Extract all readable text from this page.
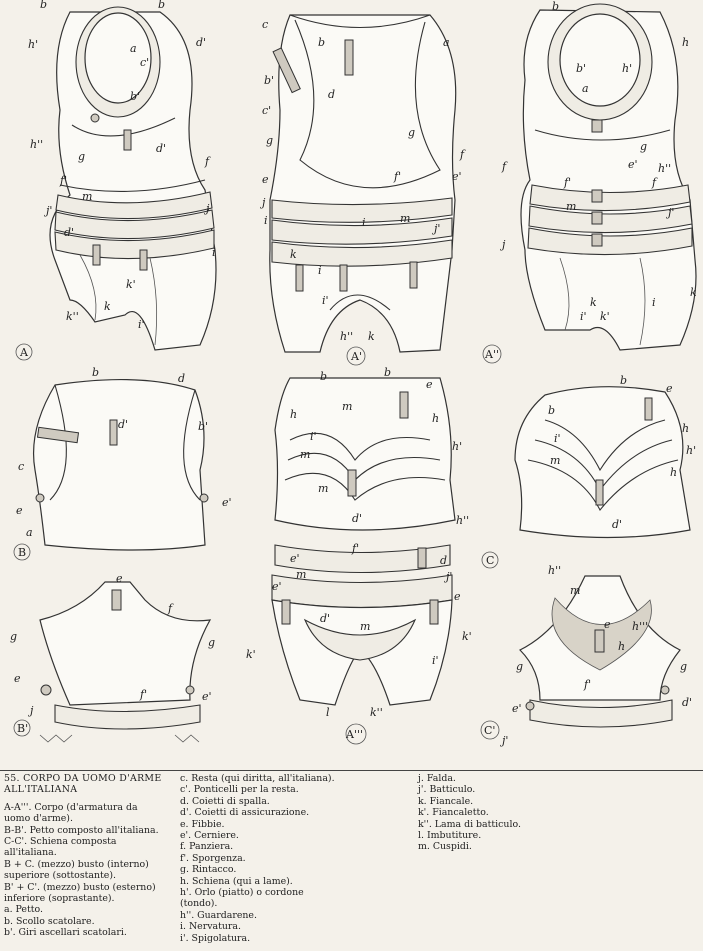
b	b
h'	a
c'
d'
b'
h''
g
d'
f
f'
m
j'	j
d'
i
k'
k
k''
i'
A
c
b	a
b'
d
c'
g
g
f
e	f'	e'
j
i	i	m
j'
k
i
i'
h'' k
A'
b
h
b'	h'
a
g
e' h''
f
f'	f
m	j'
j
k
i' k'
i
k
A''
b	d
d'	b'
c
e
e'
a
B
b	b
e
m
h	h
i'
h'
m
m
d'	h''
f'
e'	d
m	j'
e'
e
d'
m
k'
k'	i'
l	k''
A'''
b
e
b
i'
h
h'
m
h
d'
h''
C
e
f
g	g
e
f'	e'
j
B'
m
e h'''
h
g	g
f'
d'
e'
j'
C'
55. CORPO DA UOMO D'ARME
ALL'ITALIANA
A-A'''. Corpo (d'armatura da
uomo d'arme).
B-B'. Petto composto all'italiana.
C-C'. Schiena composta
all'italiana.
B + C. (mezzo) busto (interno)
superiore (sottostante).
B' + C'. (mezzo) busto (esterno)
inferiore (soprastante).
a. Petto.
b. Scollo scatolare.
b'. Giri ascellari scatolari.
c. Resta (qui diritta, all'italiana).
c'. Ponticelli per la resta.
d. Coietti di spalla.
d'. Coietti di assicurazione.
e. Fibbie.
e'. Cerniere.
f. Panziera.
f'. Sporgenza.
g. Rintacco.
h. Schiena (qui a lame).
h'. Orlo (piatto) o cordone
(tondo).
h''. Guardarene.
i. Nervatura.
i'. Spigolatura.
j. Falda.
j'. Batticulo.
k. Fiancale.
k'. Fiancaletto.
k''. Lama di batticulo.
l. Imbutiture.
m. Cuspidi.
